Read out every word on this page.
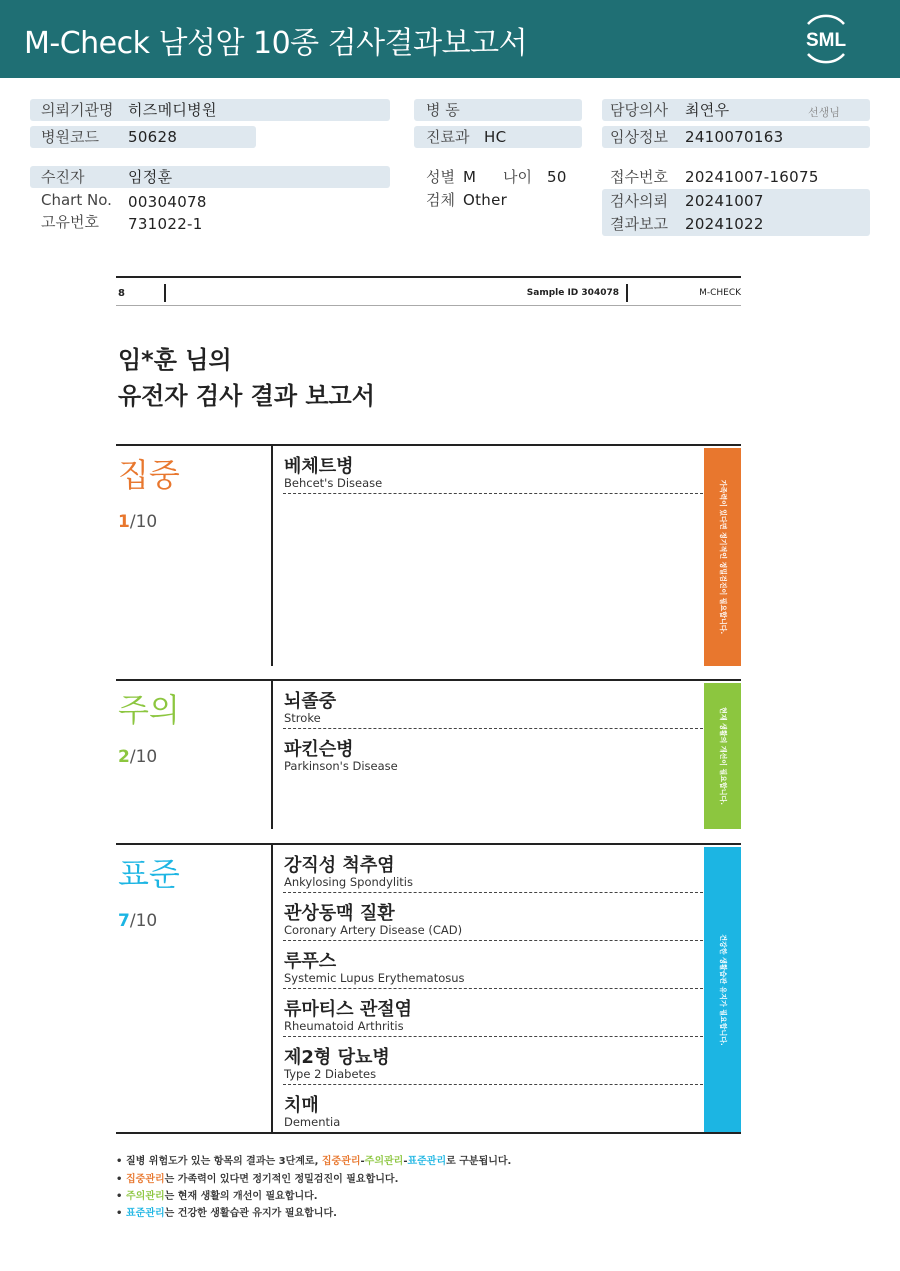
M-Check 남성암 10종 검사결과보고서	SML
의뢰기관명 히즈메디병원	병 동	담당의사 최연우	선생님
병원코드 50628	진료과 HC	임상정보 2410070163
수진자	임정훈	성별 M 나이 50	접수번호 20241007-16075
Chart No. 00304078	검체 Other	검사의뢰 20241007
고유번호 731022-1	결과보고 20241022
8	Sample ID 304078	M-CHECK
임*훈 님의
유전자 검사 결과 보고서
집중
1/10	가족력이 있다면 정기적인 정밀검진이 필요합니다.
베체트병
Behcet's Disease
주의
2/10	현재 생활의 개선이 필요합니다.
뇌졸중
Stroke
파킨슨병
Parkinson's Disease
표준
7/10
건강한 생활습관 유지가 필요합니다.
강직성 척추염
Ankylosing Spondylitis
관상동맥 질환
Coronary Artery Disease (CAD)
루푸스
Systemic Lupus Erythematosus
류마티스 관절염
Rheumatoid Arthritis
제2형 당뇨병
Type 2 Diabetes
치매
Dementia
• 질병 위험도가 있는 항목의 결과는 3단계로, 집중관리-주의관리-표준관리로 구분됩니다.
• 집중관리는 가족력이 있다면 정기적인 정밀검진이 필요합니다.
• 주의관리는 현재 생활의 개선이 필요합니다.
• 표준관리는 건강한 생활습관 유지가 필요합니다.
